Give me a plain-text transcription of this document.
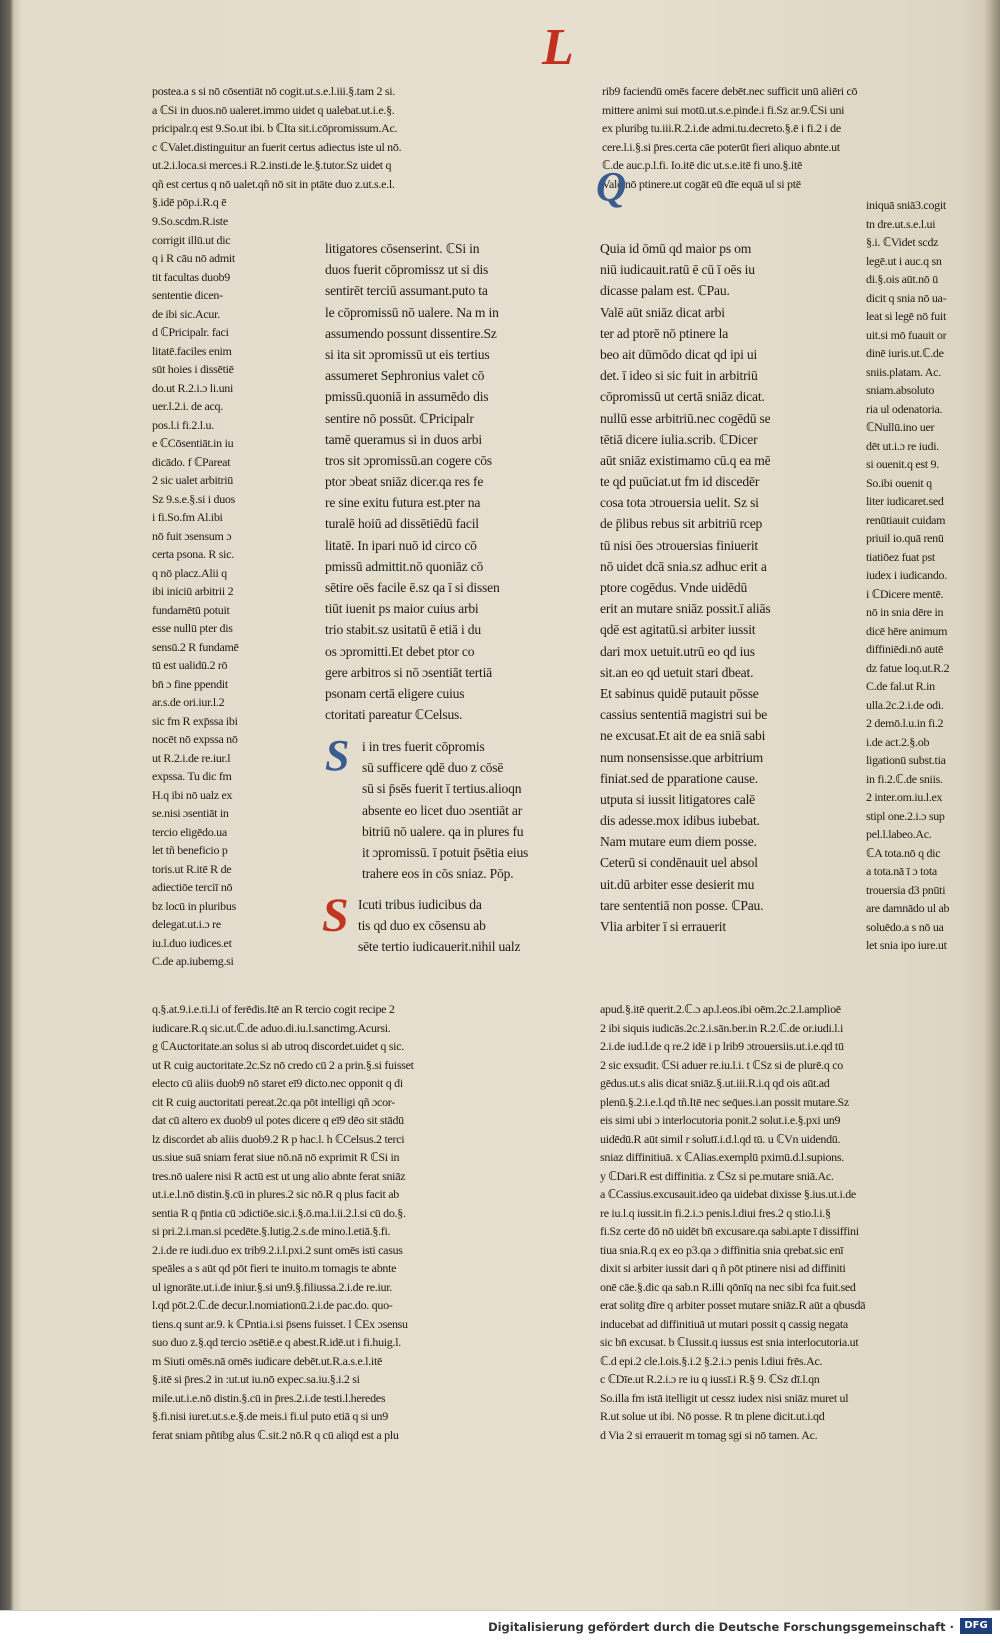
L
postea.a s si nō cōsentiāt nō cogit.ut.s.e.l.iii.§.tam 2 si.
a ℂSi in duos.nō ualeret.immo uidet q ualebat.ut.i.e.§.
pricipalr.q est 9.So.ut ibi. b ℂIta sit.i.cōpromissum.Ac.
c ℂValet.distinguitur an fuerit certus adiectus iste ul nō.
ut.2.i.loca.si merces.i R.2.insti.de le.§.tutor.Sz uidet q
qñ est certus q nō ualet.qñ nō sit in ptāte duo z.ut.s.e.l.
§.idē pōp.i.R.q ē
9.So.scdm.R.iste
corrigit illū.ut dic
q i R cāu nō admit
tit facultas duob9
sententie dicen-
de ibi sic.Acur.
d ℂPricipalr. faci
litatē.faciles enim
sūt hoies i dissētiē
do.ut R.2.i.ɔ li.uni
uer.l.2.i. de acq.
pos.l.i fi.2.l.u.
e ℂCōsentiāt.in iu
dicādo. f ℂPareat
2 sic ualet arbitriū
Sz 9.s.e.§.si i duos
i fi.So.fm Al.ibi
nō fuit ɔsensum ɔ
certa psona. R sic.
q nō placz.Alii q
ibi iniciū arbitrii 2
fundamētū potuit
esse nullū pter dis
sensū.2 R fundamē
tū est ualidū.2 rō
bn̄ ɔ fine ppendit
ar.s.de ori.iur.l.2
sic fm R exp̄ssa ibi
nocēt nō expssa nō
ut R.2.i.de re.iur.l
expssa. Tu dic fm
H.q ibi nō ualz ex
se.nisi ɔsentiāt in
tercio eligēdo.ua
let tñ beneficio p
toris.ut R.itē R de
adiectiōe terciī nō
bz locū in pluribus
delegat.ut.i.ɔ re
iu.l.duo iudices.et
C.de ap.iubemg.si
litigatores cōsenserint. ℂSi in
duos fuerit cōpromissz ut si dis
sentirēt terciū assumant.puto ta
le cōpromissū nō ualere. Na m in
assumendo possunt dissentire.Sz
si ita sit ɔpromissū ut eis tertius
assumeret Sephronius valet cō
pmissū.quoniā in assumēdo dis
sentire nō possūt. ℂPricipalr
tamē queramus si in duos arbi
tros sit ɔpromissū.an cogere cōs
ptor ɔbeat sniāz dicer.qa res fe
re sine exitu futura est.pter na
turalē hoiū ad dissētiēdū facil
litatē. In ipari nuō id circo cō
pmissū admittit.nō quoniāz cō
sētire oēs facile ē.sz qa ī si dissen
tiūt iuenit ps maior cuius arbi
trio stabit.sz usitatū ē etiā i du
os ɔpromitti.Et debet ptor co
gere arbitros si nō ɔsentiāt tertiā
psonam certā eligere cuius
ctoritati pareatur ℂCelsus.
S i in tres fuerit cōpromis
sū sufficere qdē duo z cōsē
sū si p̄sēs fuerit ī tertius.alioqn
absente eo licet duo ɔsentiāt ar
bitriū nō ualere. qa in plures fu
it ɔpromissū. ī potuit p̄sētia eius
trahere eos in cōs sniaz. Pōp.
S Icuti tribus iudicibus da
tis qd duo ex cōsensu ab
sēte tertio iudicauerit.nihil ualz
rib9 faciendū omēs facere debēt.nec sufficit unū aliēri cō
mittere animi sui motū.ut.s.e.pinde.i fi.Sz ar.9.ℂSi uni
ex pluribg tu.iii.R.2.i.de admi.tu.decreto.§.ē i fi.2 i de
cere.l.i.§.si p̄res.certa cāe poterūt fieri aliquo abnte.ut
ℂ.de auc.p.l.fi. Io.itē dic ut.s.e.itē fi uno.§.itē
Valē.nō ptinere.ut cogāt eū dīe equā ul si ptē
Q
Quia id ōmū qd maior ps om
niū iudicauit.ratū ē cū ī oēs iu
dicasse palam est. ℂPau.
Valē aūt sniāz dicat arbi
ter ad ptorē nō ptinere la
beo ait dūmōdo dicat qd ipi ui
det. ī ideo si sic fuit in arbitriū
cōpromissū ut certā sniāz dicat.
nullū esse arbitriū.nec cogēdū se
tētiā dicere iulia.scrib. ℂDicer
aūt sniāz existimamo cū.q ea mē
te qd puūciat.ut fm id discedēr
cosa tota ɔtrouersia uelit. Sz si
de p̄libus rebus sit arbitriū rcep
tū nisi ōes ɔtrouersias finiuerit
nō uidet dcā snia.sz adhuc erit a
ptore cogēdus. Vnde uidēdū
erit an mutare sniāz possit.ī aliās
qdē est agitatū.si arbiter iussit
dari mox uetuit.utrū eo qd ius
sit.an eo qd uetuit stari dbeat.
Et sabinus quidē putauit pōsse
cassius sententiā magistri sui be
ne excusat.Et ait de ea sniā sabi
num nonsensisse.que arbitrium
finiat.sed de pparatione cause.
utputa si iussit litigatores calē
dis adesse.mox idibus iubebat.
Nam mutare eum diem posse.
Ceterū si condēnauit uel absol
uit.dū arbiter esse desierit mu
tare sententiā non posse. ℂPau.
Vlia arbiter ī si errauerit
iniquā sniā3.cogit
tn dre.ut.s.e.l.ui
§.i. ℂVidet scdz
legē.ut i auc.q sn
di.§.ois aūt.nō ū
dicit q snia nō ua-
leat si legē nō fuit
uit.si mō fuauit or
dinē iuris.ut.ℂ.de
sniis.platam. Ac.
sniam.absoluto
ria ul odenatoria.
ℂNullū.ino uer
dēt ut.i.ɔ re iudi.
si ouenit.q est 9.
So.ibi ouenit q
liter iudicaret.sed
renūtiauit cuidam
priuil io.quā renū
tiatiōez fuat pst
iudex i iudicando.
i ℂDicere mentē.
nō in snia dēre in
dicē hēre animum
diffiniēdi.nō autē
dz fatue loq.ut.R.2
C.de fal.ut R.in
ulla.2c.2.i.de odi.
2 demō.l.u.in fi.2
i.de act.2.§.ob
ligationū subst.tia
in fi.2.ℂ.de sniis.
2 inter.om.iu.l.ex
stipl one.2.i.ɔ sup
pel.l.labeo.Ac.
ℂA tota.nō q dic
a tota.nā ī ɔ tota
trouersia d3 pnūti
are damnādo ul ab
soluēdo.a s nō ua
let snia ipo iure.ut
q.§.at.9.i.e.ti.l.i of ferēdis.Itē an R tercio cogit recipe 2
iudicare.R.q sic.ut.ℂ.de aduo.di.iu.l.sanctimg.Acursi.
g ℂAuctoritate.an solus si ab utroq discordet.uidet q sic.
ut R cuig auctoritate.2c.Sz nō credo cū 2 a prin.§.si fuisset
electo cū aliis duob9 nō staret eī9 dicto.nec opponit q di
cit R cuig auctoritati pereat.2c.qa pōt intelligi qñ ɔcor-
dat cū altero ex duob9 ul potes dicere q eī9 dēo sit stādū
lz discordet ab aliis duob9.2 R p hac.l. h ℂCelsus.2 terci
us.siue suā sniam ferat siue nō.nā nō exprimit R ℂSi in
tres.nō ualere nisi R actū est ut ung alio abnte ferat sniāz
ut.i.e.l.nō distin.§.cū in plures.2 sic nō.R q plus facit ab
sentia R q p̄ntia cū ɔdictiōe.sic.i.§.ō.ma.l.ii.2.l.si cū do.§.
si pri.2.i.man.si pcedēte.§.lutig.2.s.de mino.l.etiā.§.fi.
2.i.de re iudi.duo ex trib9.2.i.l.pxi.2 sunt omēs isti casus
speāles a s aūt qd pōt fieri te inuito.m tomagis te abnte
ul ignorāte.ut.i.de iniur.§.si un9.§.filiussa.2.i.de re.iur.
l.qd pōt.2.ℂ.de decur.l.nomiationū.2.i.de pac.do. quo-
tiens.q sunt ar.9. k ℂPntia.i.si p̄sens fuisset. l ℂEx ɔsensu
suo duo z.§.qd tercio ɔsētiē.e q abest.R.idē.ut i fi.huig.l.
m Siuti omēs.nā omēs iudicare debēt.ut.R.a.s.e.l.itē
§.itē si p̄res.2 in :ut.ut iu.nō expec.sa.iu.§.i.2 si
mile.ut.i.e.nō distin.§.cū in p̄res.2.i.de testi.l.heredes
§.fi.nisi iuret.ut.s.e.§.de meis.i fi.ul puto etiā q si un9
ferat sniam pñtibg alus ℂ.sit.2 nō.R q cū aliqd est a plu
apud.§.itē querit.2.ℂ.ɔ ap.l.eos.ibi oēm.2c.2.l.amplioē
2 ibi siquis iudicās.2c.2.i.sān.ber.in R.2.ℂ.de or.iudi.l.i
2.i.de iud.l.de q re.2 idē i p lrib9 ɔtrouersiis.ut.i.e.qd tū
2 sic exsudit. ℂSi aduer re.iu.l.i. t ℂSz si de plurē.q co
gēdus.ut.s alis dicat sniāz.§.ut.iii.R.i.q qd ois aūt.ad
plenū.§.2.i.e.l.qd tñ.Itē nec seq̄ues.i.an possit mutare.Sz
eis simi ubi ɔ interlocutoria ponit.2 solut.i.e.§.pxi un9
uidēdū.R aūt simil r solutī.i.d.l.qd tū. u ℂVn uidendū.
sniaz diffinitiuā. x ℂAlias.exemplū pximū.d.l.supions.
y ℂDari.R est diffinitia. z ℂSz si pe.mutare sniā.Ac.
a ℂCassius.excusauit.ideo qa uidebat dixisse §.ius.ut.i.de
re iu.l.q iussit.in fi.2.i.ɔ penis.l.diui fres.2 q stio.l.i.§
fi.Sz certe dō nō uidēt bn̄ excusare.qa sabi.apte ī dissiffini
tiua snia.R.q ex eo p3.qa ɔ diffinitia snia qrebat.sic enī
dixit si arbiter iussit dari q ñ pōt ptinere nisi ad diffiniti
onē cāe.§.dic qa sab.n R.illi qōnīq na nec sibi fca fuit.sed
erat solitg dīre q arbiter posset mutare sniāz.R aūt a qbusdā
inducebat ad diffinitiuā ut mutari possit q cassig negata
sic bn̄ excusat. b ℂIussit.q iussus est snia interlocutoria.ut
ℂ.d epi.2 cle.l.ois.§.i.2 §.2.i.ɔ penis l.diui frēs.Ac.
c ℂDīe.ut R.2.i.ɔ re iu q iussī.i R.§ 9. ℂSz dī.l.qn
So.illa fm istā itelligit ut cessz iudex nisi sniāz muret ul
R.ut solue ut ibi. Nō posse. R tn plene dicit.ut.i.qd
d Via 2 si errauerit m tomag sgi si nō tamen. Ac.
Digitalisierung gefördert durch die Deutsche Forschungsgemeinschaft ·	DFG
